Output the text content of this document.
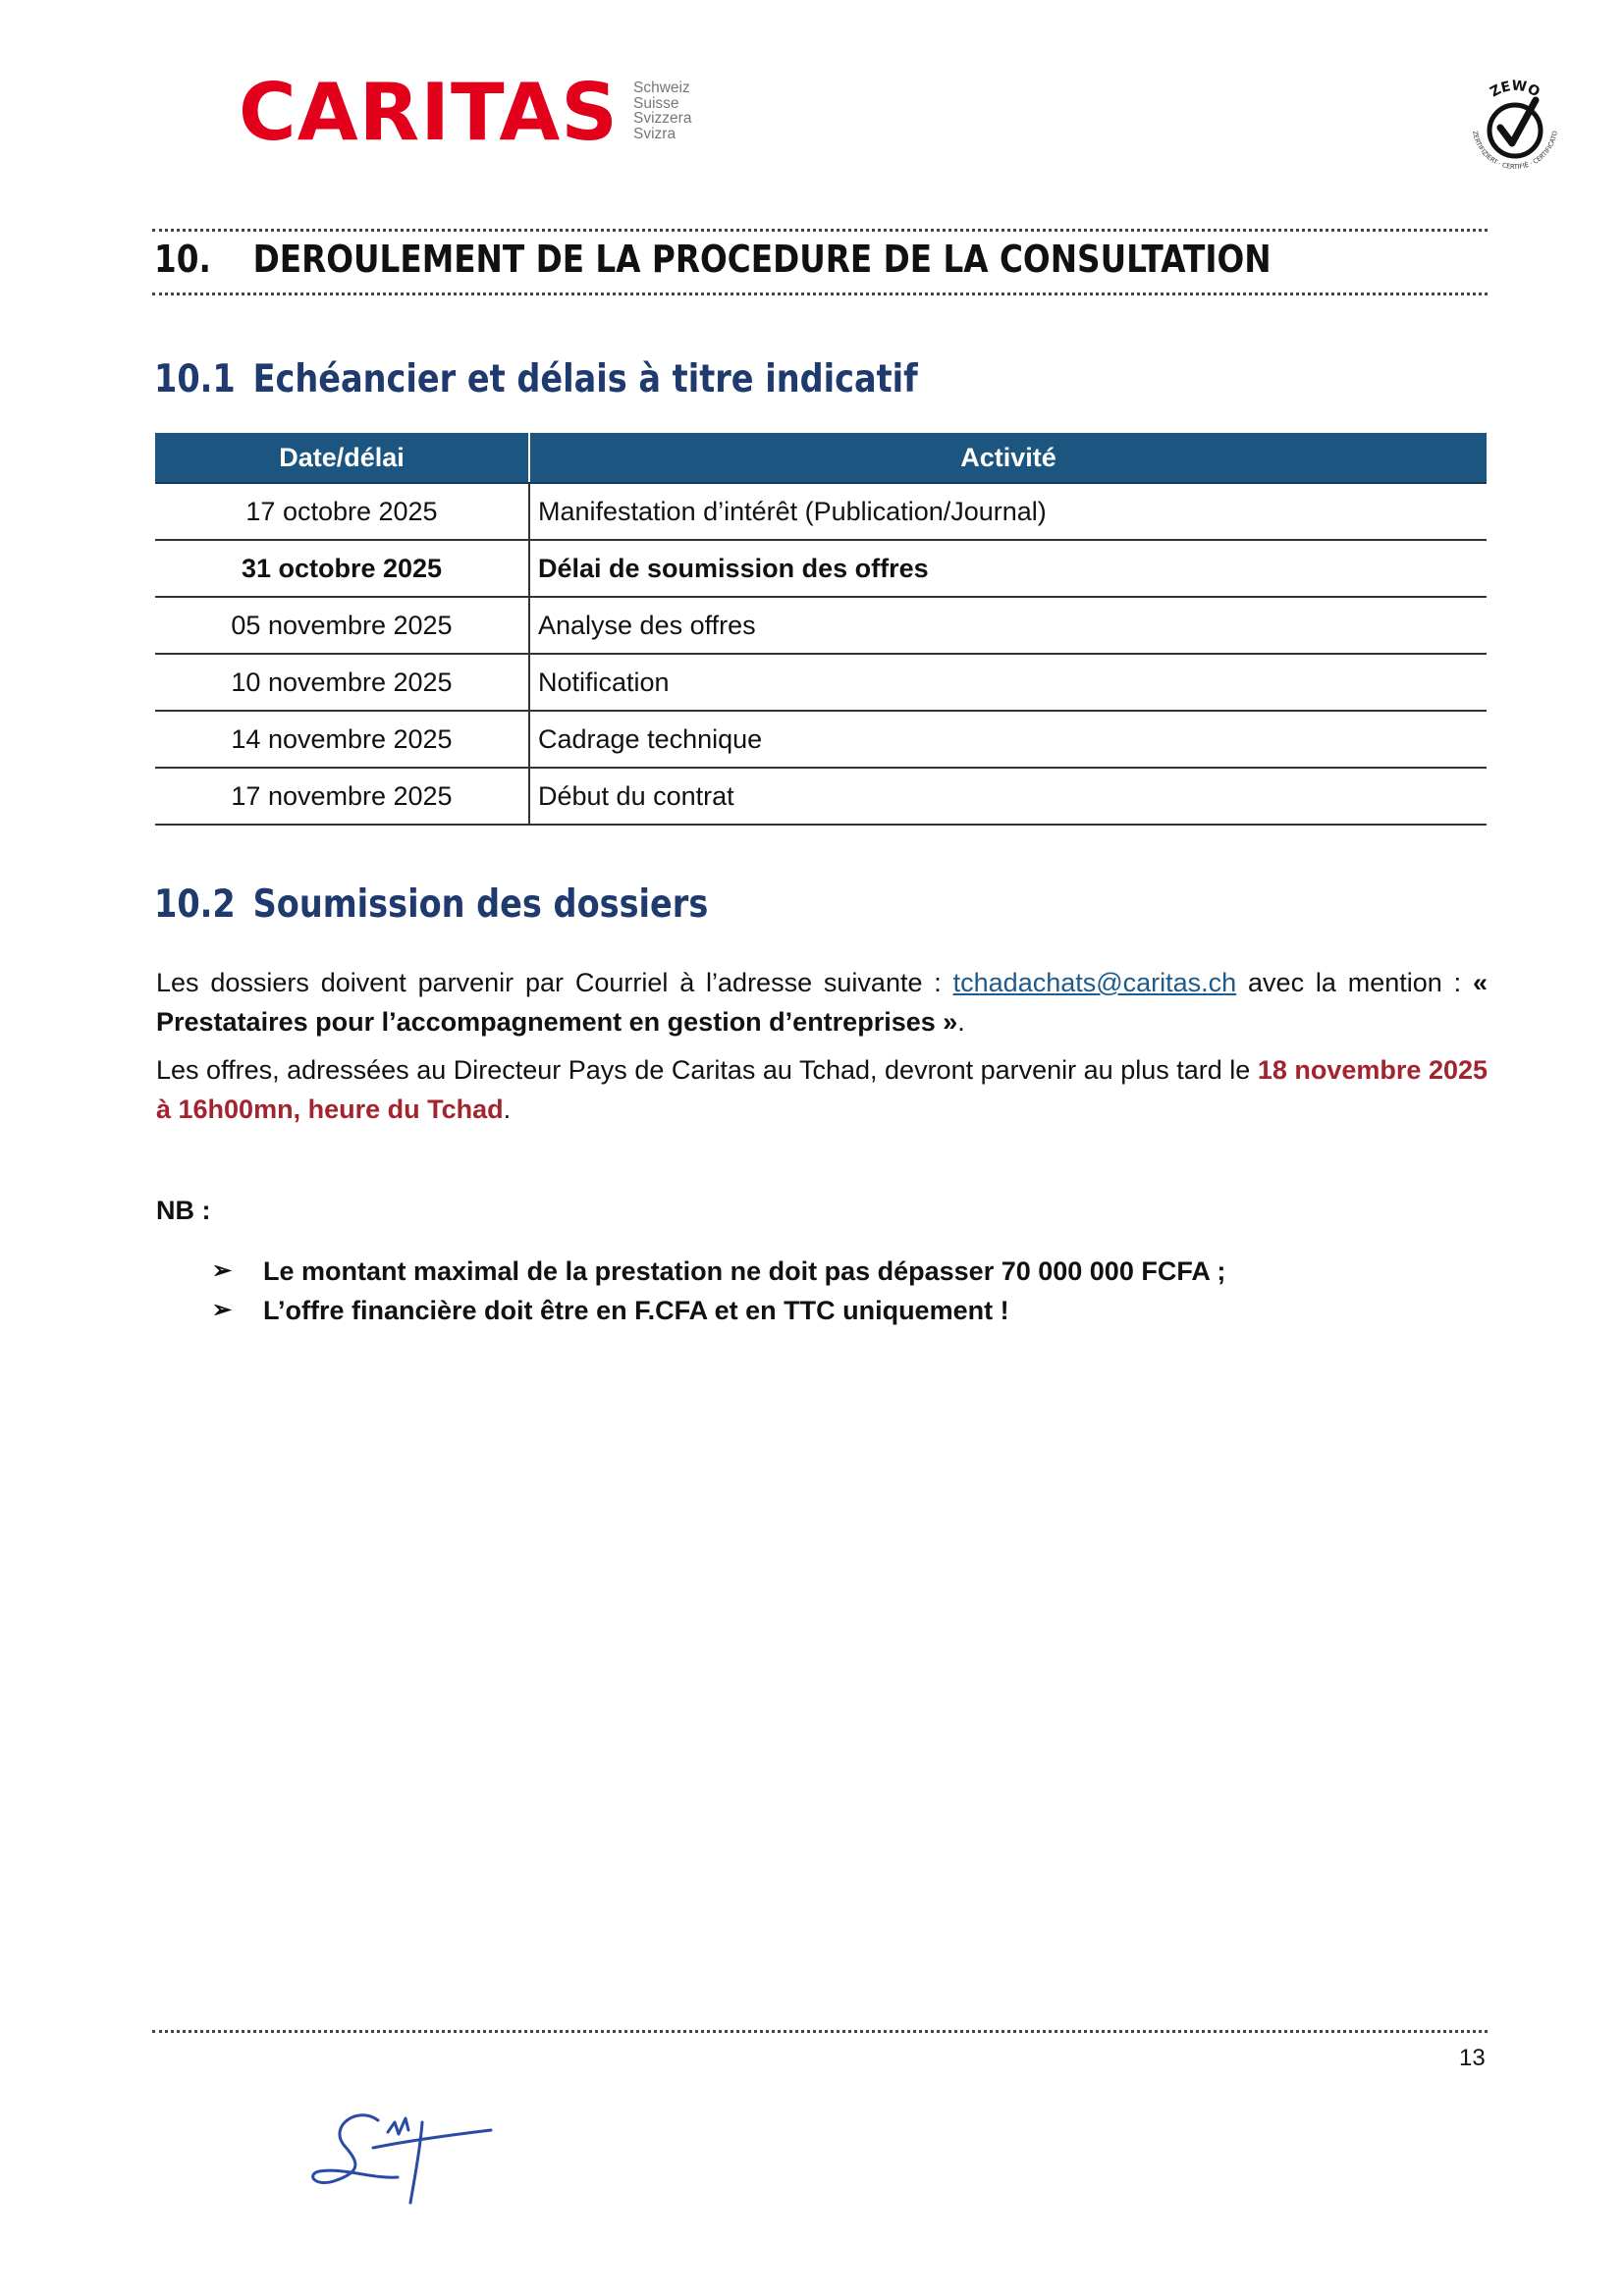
CARITAS Schweiz
Suisse
Svizzera
Svizra
ZEWO
ZERTIFIZIERT · CERTIFIÉ · CERTIFICATO
10. DEROULEMENT DE LA PROCEDURE DE LA CONSULTATION
10.1 Echéancier et délais à titre indicatif
Date/délai	Activité
17 octobre 2025	Manifestation d’intérêt (Publication/Journal)
31 octobre 2025	Délai de soumission des offres
05 novembre 2025	Analyse des offres
10 novembre 2025	Notification
14 novembre 2025	Cadrage technique
17 novembre 2025	Début du contrat
10.2 Soumission des dossiers
Les dossiers doivent parvenir par Courriel à l’adresse suivante : tchadachats@caritas.ch avec la mention : « Prestataires pour l’accompagnement en gestion d’entreprises ».
Les offres, adressées au Directeur Pays de Caritas au Tchad, devront parvenir au plus tard le 18 novembre 2025 à 16h00mn, heure du Tchad.
NB :
➢	Le montant maximal de la prestation ne doit pas dépasser 70 000 000 FCFA ;
➢	L’offre financière doit être en F.CFA et en TTC uniquement !
13
